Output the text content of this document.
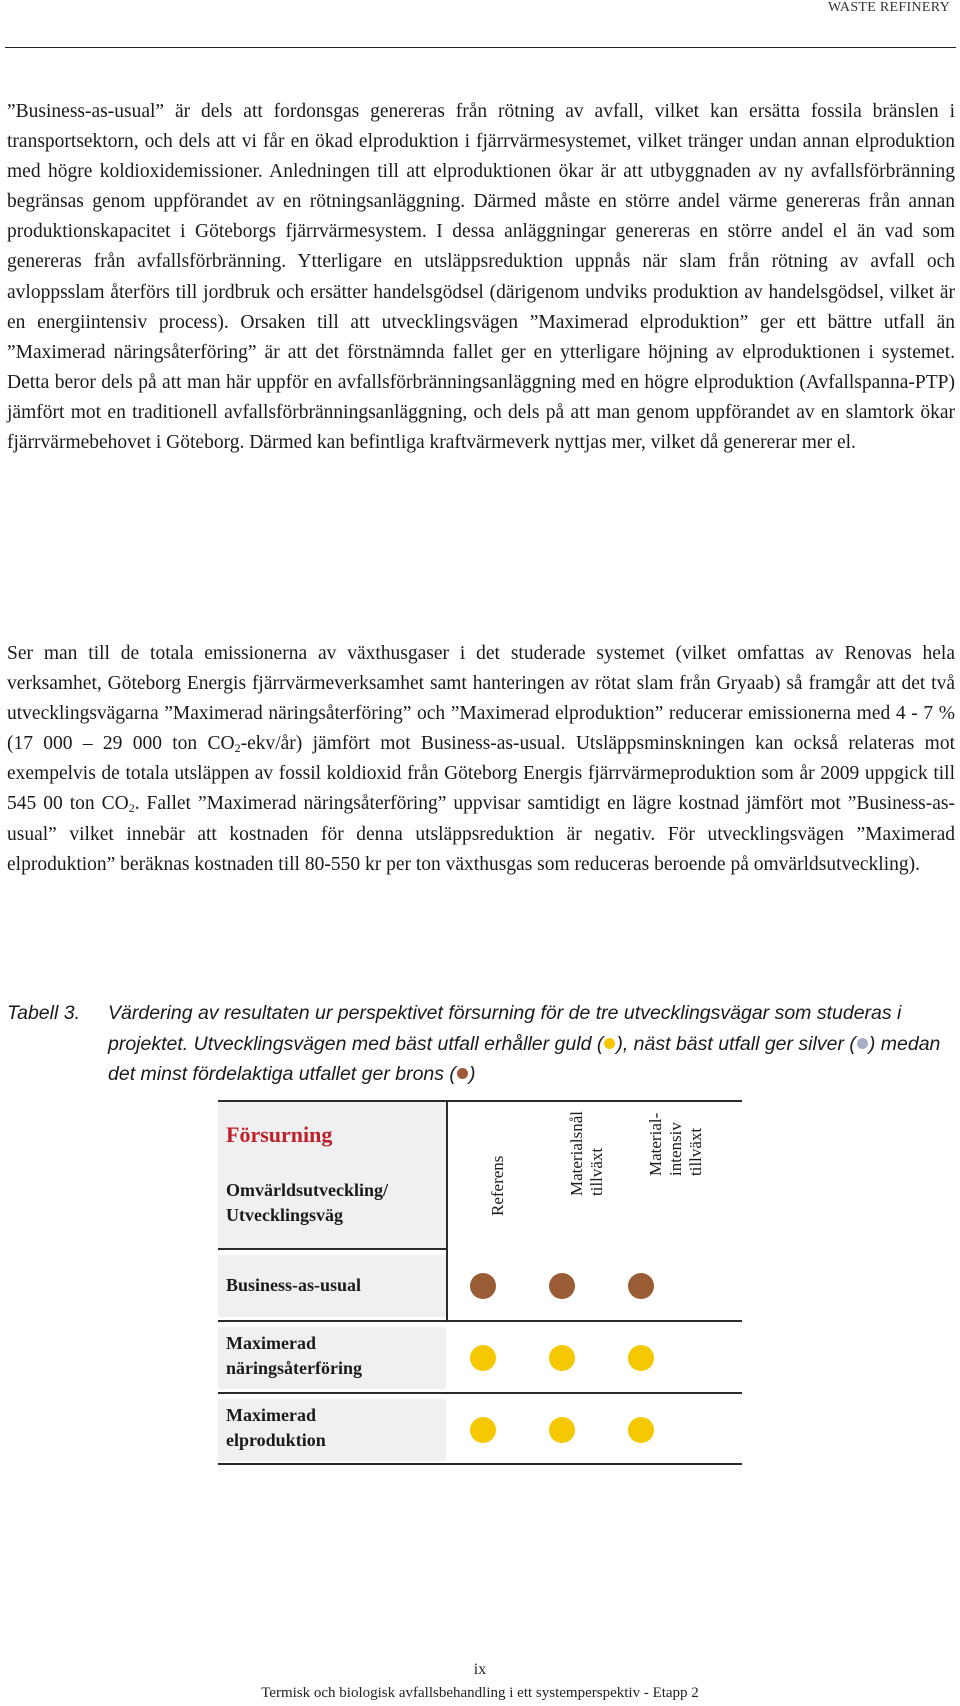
WASTE REFINERY

”Business-as-usual” är dels att fordonsgas genereras från rötning av avfall, vilket kan ersätta fossila bränslen i transportsektorn, och dels att vi får en ökad elproduktion i fjärrvärmesystemet, vilket tränger undan annan elproduktion med högre koldioxidemissioner. Anledningen till att elproduktionen ökar är att utbyggnaden av ny avfallsförbränning begränsas genom uppförandet av en rötningsanläggning. Därmed måste en större andel värme genereras från annan produktionskapacitet i Göteborgs fjärrvärmesystem. I dessa anläggningar genereras en större andel el än vad som genereras från avfallsförbränning. Ytterligare en utsläppsreduktion uppnås när slam från rötning av avfall och avloppsslam återförs till jordbruk och ersätter handelsgödsel (därigenom undviks produktion av handelsgödsel, vilket är en energiintensiv process). Orsaken till att utvecklingsvägen ”Maximerad elproduktion” ger ett bättre utfall än ”Maximerad näringsåterföring” är att det förstnämnda fallet ger en ytterligare höjning av elproduktionen i systemet. Detta beror dels på att man här uppför en avfallsförbränningsanläggning med en högre elproduktion (Avfallspanna-PTP) jämfört mot en traditionell avfallsförbränningsanläggning, och dels på att man genom uppförandet av en slamtork ökar fjärrvärmebehovet i Göteborg. Därmed kan befintliga kraftvärmeverk nyttjas mer, vilket då genererar mer el.

Ser man till de totala emissionerna av växthusgaser i det studerade systemet (vilket omfattas av Renovas hela verksamhet, Göteborg Energis fjärrvärmeverksamhet samt hanteringen av rötat slam från Gryaab) så framgår att det två utvecklingsvägarna ”Maximerad näringsåterföring” och ”Maximerad elproduktion” reducerar emissionerna med 4 - 7 % (17 000 – 29 000 ton $CO_2-ekv/år$) jämfört mot Business-as-usual. Utsläppsminskningen kan också relateras mot exempelvis de totala utsläppen av fossil koldioxid från Göteborg Energis fjärrvärmeproduktion som år 2009 uppgick till 545 00 ton $CO_2$. Fallet ”Maximerad näringsåterföring” uppvisar samtidigt en lägre kostnad jämfört mot ”Business-as-usual” vilket innebär att kostnaden för denna utsläppsreduktion är negativ. För utvecklingsvägen ”Maximerad elproduktion” beräknas kostnaden till 80-550 kr per ton växthusgas som reduceras beroende på omvärldsutveckling).

Tabell 3. Värdering av resultaten ur perspektivet försurning för de tre utvecklingsvägar som studeras i projektet. Utvecklingsvägen med bäst utfall erhåller guld ( ), näst bäst utfall ger silver ( ) medan det minst fördelaktiga utfallet ger brons ( )
Försurning
Omvärldsutveckling/
Utvecklingsväg	Referens	Materialsnål tillväxt Material- intensiv tillväxt
Business-as-usual
Maximerad
näringsåterföring
Maximerad
elproduktion
ix
Termisk och biologisk avfallsbehandling i ett systemperspektiv - Etapp 2
